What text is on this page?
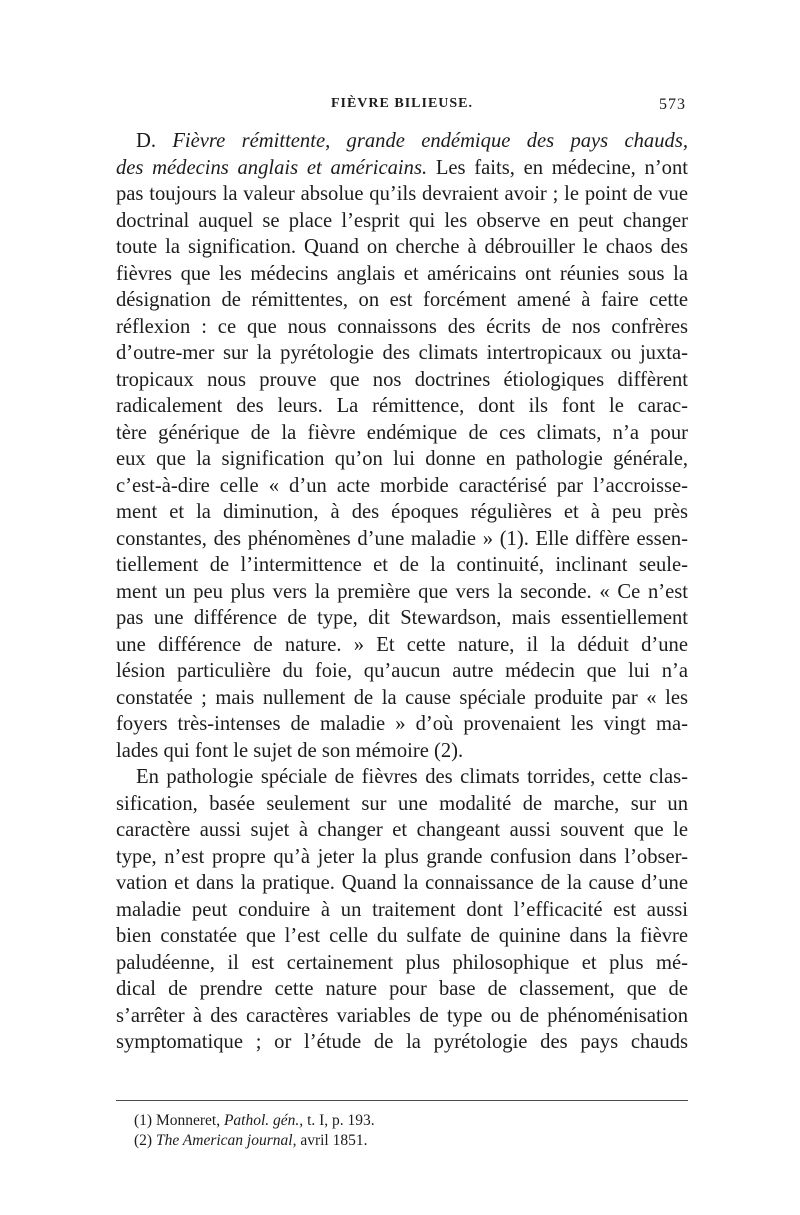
FIÈVRE BILIEUSE.	573
D. Fièvre rémittente, grande endémique des pays chauds,
des médecins anglais et américains. Les faits, en médecine, n’ont
pas toujours la valeur absolue qu’ils devraient avoir ; le point de vue
doctrinal auquel se place l’esprit qui les observe en peut changer
toute la signification. Quand on cherche à débrouiller le chaos des
fièvres que les médecins anglais et américains ont réunies sous la
désignation de rémittentes, on est forcément amené à faire cette
réflexion : ce que nous connaissons des écrits de nos confrères
d’outre-mer sur la pyrétologie des climats intertropicaux ou juxta-
tropicaux nous prouve que nos doctrines étiologiques diffèrent
radicalement des leurs. La rémittence, dont ils font le carac-
tère générique de la fièvre endémique de ces climats, n’a pour
eux que la signification qu’on lui donne en pathologie générale,
c’est-à-dire celle « d’un acte morbide caractérisé par l’accroisse-
ment et la diminution, à des époques régulières et à peu près
constantes, des phénomènes d’une maladie » (1). Elle diffère essen-
tiellement de l’intermittence et de la continuité, inclinant seule-
ment un peu plus vers la première que vers la seconde. « Ce n’est
pas une différence de type, dit Stewardson, mais essentiellement
une différence de nature. » Et cette nature, il la déduit d’une
lésion particulière du foie, qu’aucun autre médecin que lui n’a
constatée ; mais nullement de la cause spéciale produite par « les
foyers très-intenses de maladie » d’où provenaient les vingt ma-
lades qui font le sujet de son mémoire (2).
En pathologie spéciale de fièvres des climats torrides, cette clas-
sification, basée seulement sur une modalité de marche, sur un
caractère aussi sujet à changer et changeant aussi souvent que le
type, n’est propre qu’à jeter la plus grande confusion dans l’obser-
vation et dans la pratique. Quand la connaissance de la cause d’une
maladie peut conduire à un traitement dont l’efficacité est aussi
bien constatée que l’est celle du sulfate de quinine dans la fièvre
paludéenne, il est certainement plus philosophique et plus mé-
dical de prendre cette nature pour base de classement, que de
s’arrêter à des caractères variables de type ou de phénoménisation
symptomatique ; or l’étude de la pyrétologie des pays chauds
(1) Monneret, Pathol. gén., t. I, p. 193.
(2) The American journal, avril 1851.
